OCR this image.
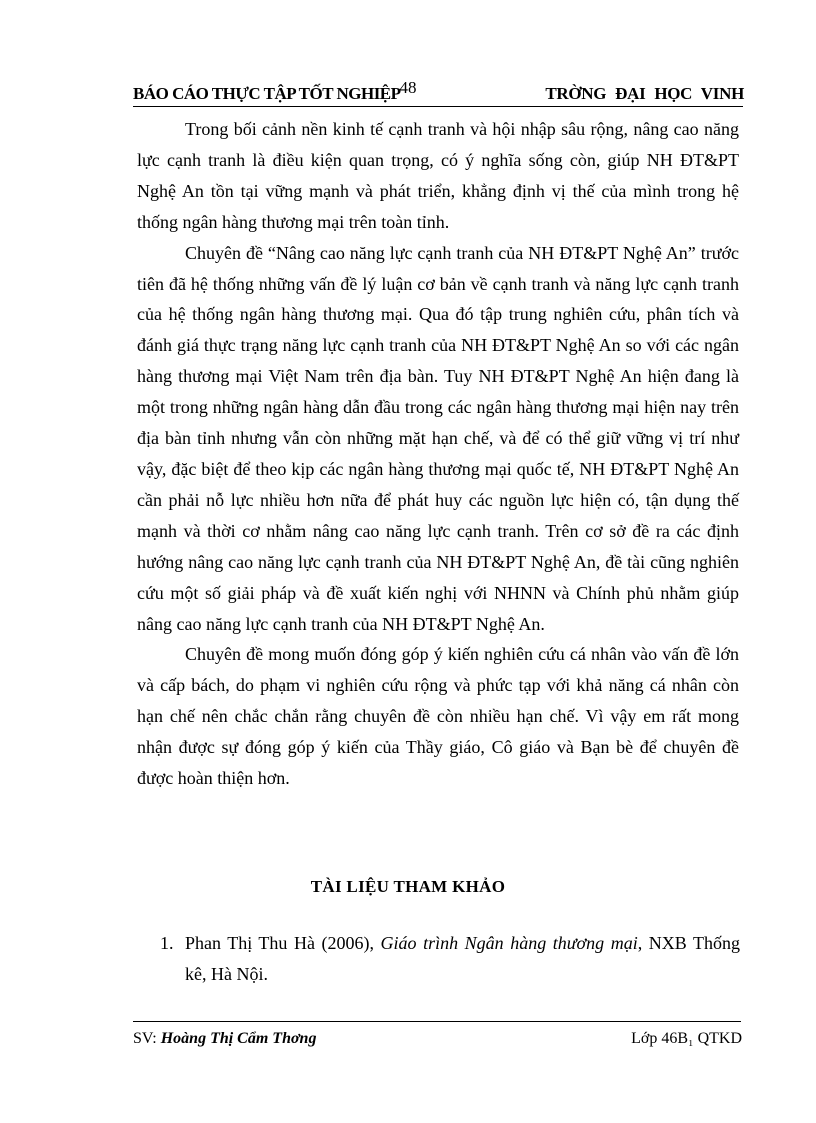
BÁO CÁO THỰC TẬP TỐT NGHIỆP
48	TRỜNG ĐẠI HỌC VINH

Trong bối cảnh nền kinh tế cạnh tranh và hội nhập sâu rộng, nâng cao năng lực cạnh tranh là điều kiện quan trọng, có ý nghĩa sống còn, giúp NH ĐT&PT Nghệ An tồn tại vững mạnh và phát triển, khẳng định vị thế của mình trong hệ thống ngân hàng thương mại trên toàn tỉnh.

Chuyên đề “Nâng cao năng lực cạnh tranh của NH ĐT&PT Nghệ An” trước tiên đã hệ thống những vấn đề lý luận cơ bản về cạnh tranh và năng lực cạnh tranh của hệ thống ngân hàng thương mại. Qua đó tập trung nghiên cứu, phân tích và đánh giá thực trạng năng lực cạnh tranh của NH ĐT&PT Nghệ An so với các ngân hàng thương mại Việt Nam trên địa bàn. Tuy NH ĐT&PT Nghệ An hiện đang là một trong những ngân hàng dẫn đầu trong các ngân hàng thương mại hiện nay trên địa bàn tỉnh nhưng vẫn còn những mặt hạn chế, và để có thể giữ vững vị trí như vậy, đặc biệt để theo kịp các ngân hàng thương mại quốc tế, NH ĐT&PT Nghệ An cần phải nỗ lực nhiều hơn nữa để phát huy các nguồn lực hiện có, tận dụng thế mạnh và thời cơ nhằm nâng cao năng lực cạnh tranh. Trên cơ sở đề ra các định hướng nâng cao năng lực cạnh tranh của NH ĐT&PT Nghệ An, đề tài cũng nghiên cứu một số giải pháp và đề xuất kiến nghị với NHNN và Chính phủ nhằm giúp nâng cao năng lực cạnh tranh của NH ĐT&PT Nghệ An.

Chuyên đề mong muốn đóng góp ý kiến nghiên cứu cá nhân vào vấn đề lớn và cấp bách, do phạm vi nghiên cứu rộng và phức tạp với khả năng cá nhân còn hạn chế nên chắc chắn rằng chuyên đề còn nhiều hạn chế. Vì vậy em rất mong nhận được sự đóng góp ý kiến của Thầy giáo, Cô giáo và Bạn bè để chuyên đề được hoàn thiện hơn.

TÀI LIỆU THAM KHẢO
1. Phan Thị Thu Hà (2006), Giáo trình Ngân hàng thương mại, NXB Thống kê, Hà Nội.

SV: Hoàng Thị Cẩm Thơng	Lớp 46B₁ QTKD
